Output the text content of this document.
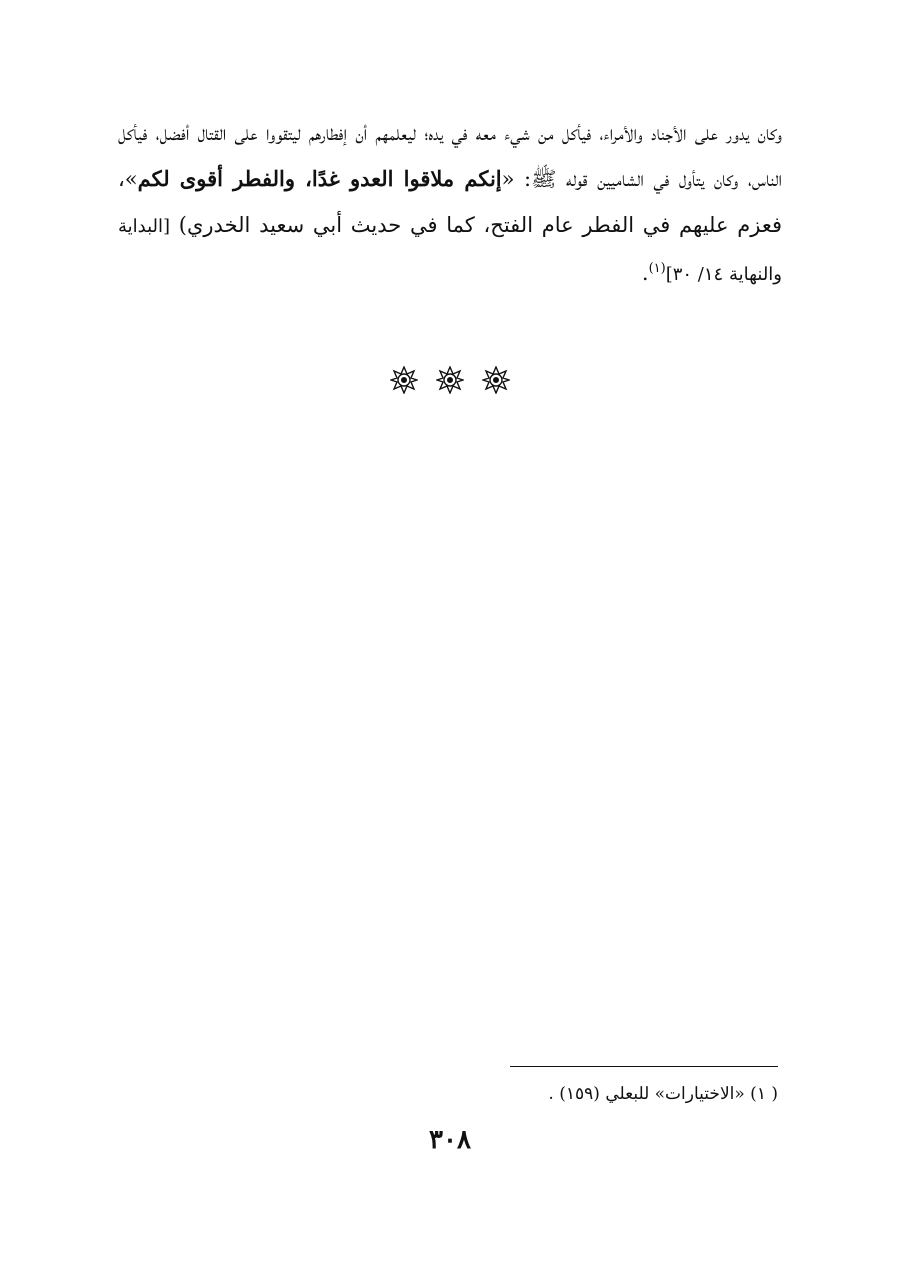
وكان يدور على الأجناد والأمراء، فيأكل من شيء معه في يده؛ ليعلمهم أن إفطارهم ليتقووا على القتال أفضل، فيأكل الناس، وكان يتأول في الشاميين قوله ﷺ: «إنكم ملاقوا العدو غدًا، والفطر أقوى لكم»، فعزم عليهم في الفطر عام الفتح، كما في حديث أبي سعيد الخدري) [البداية والنهاية ١٤/ ٣٠]$^{(١)}$.

( ١) «الاختيارات» للبعلي (١٥٩) .

٣٠٨
